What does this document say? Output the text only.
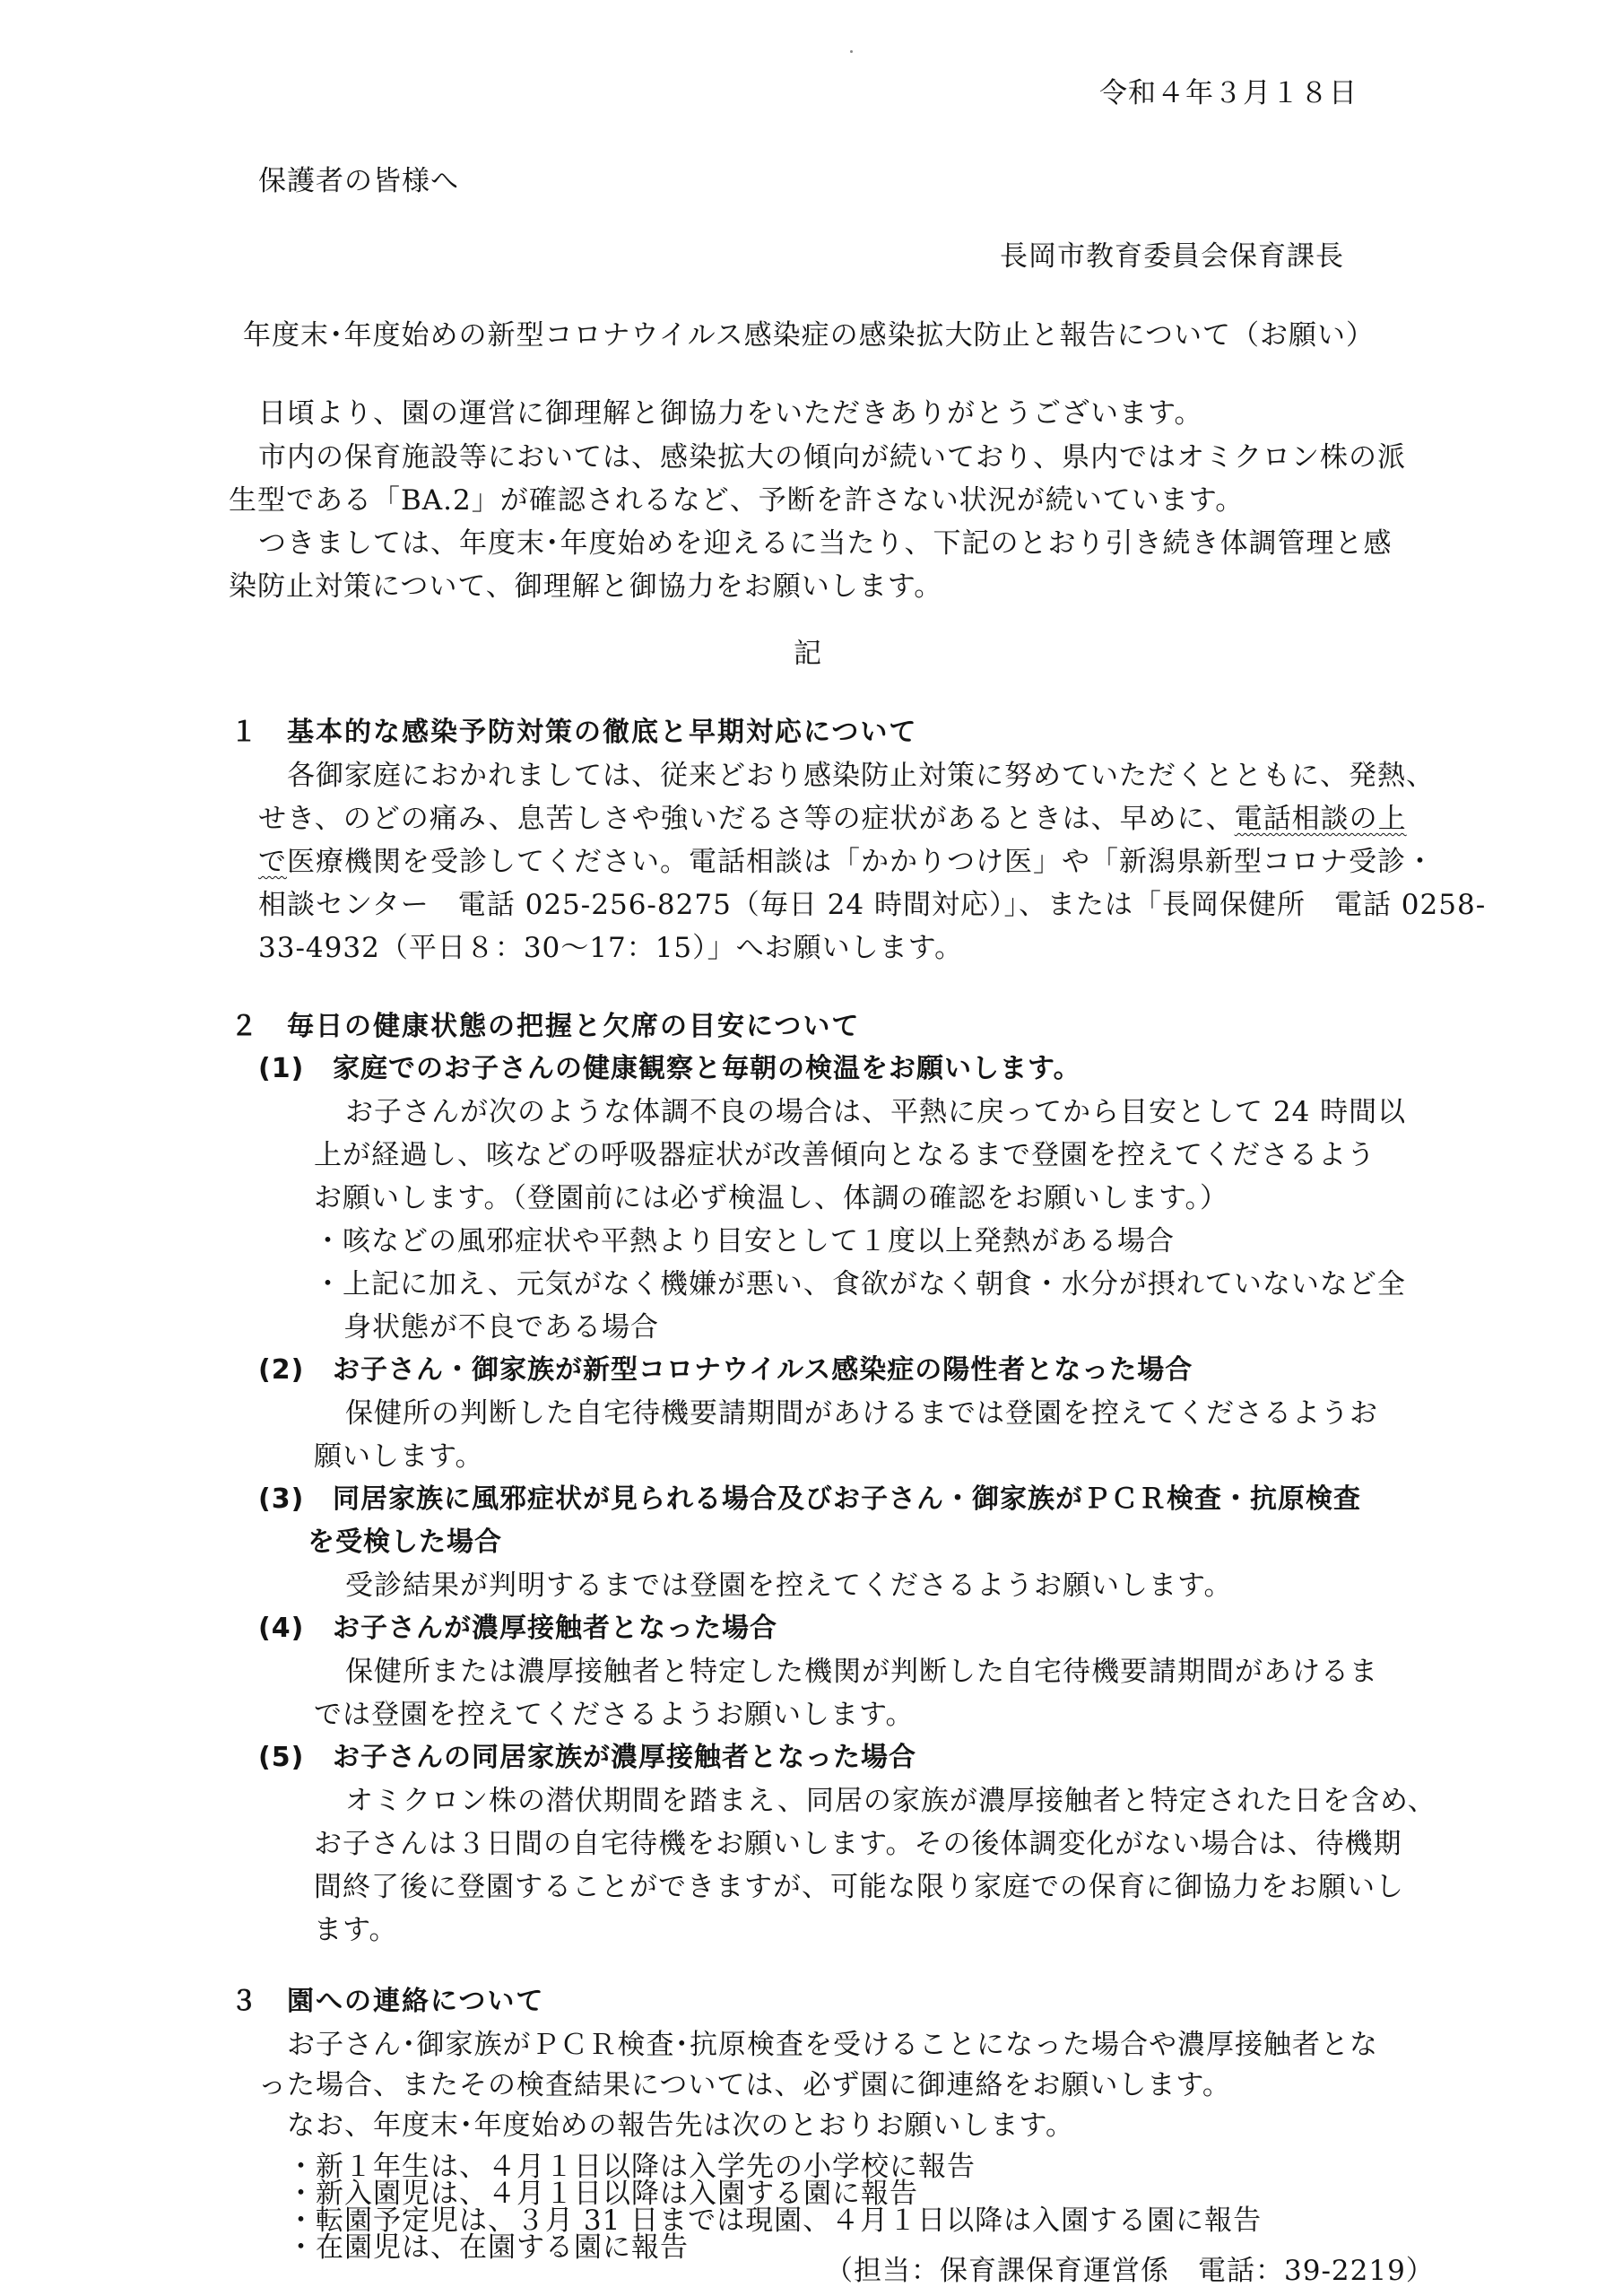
令和４年３月１８日
保護者の皆様へ
長岡市教育委員会保育課長
年度末･年度始めの新型コロナウイルス感染症の感染拡大防止と報告について（お願い）
日頃より、園の運営に御理解と御協力をいただきありがとうございます。
市内の保育施設等においては、感染拡大の傾向が続いており、県内ではオミクロン株の派
生型である「BA.2」が確認されるなど、予断を許さない状況が続いています。
つきましては、年度末･年度始めを迎えるに当たり、下記のとおり引き続き体調管理と感
染防止対策について、御理解と御協力をお願いします。
記
１ 基本的な感染予防対策の徹底と早期対応について
各御家庭におかれましては、従来どおり感染防止対策に努めていただくとともに、発熱、
せき、のどの痛み、息苦しさや強いだるさ等の症状があるときは、早めに、電話相談の上
で医療機関を受診してください。電話相談は「かかりつけ医」や「新潟県新型コロナ受診・
相談センター　電話 025-256-8275（毎日 24 時間対応）」、または「長岡保健所　電話 0258-
33-4932（平日８：30～17：15）」へお願いします。
２ 毎日の健康状態の把握と欠席の目安について
(1) 家庭でのお子さんの健康観察と毎朝の検温をお願いします。
お子さんが次のような体調不良の場合は、平熱に戻ってから目安として 24 時間以
上が経過し、咳などの呼吸器症状が改善傾向となるまで登園を控えてくださるよう
お願いします。（登園前には必ず検温し、体調の確認をお願いします。）
・咳などの風邪症状や平熱より目安として１度以上発熱がある場合
・上記に加え、元気がなく機嫌が悪い、食欲がなく朝食・水分が摂れていないなど全
身状態が不良である場合
(2) お子さん・御家族が新型コロナウイルス感染症の陽性者となった場合
保健所の判断した自宅待機要請期間があけるまでは登園を控えてくださるようお
願いします。
(3) 同居家族に風邪症状が見られる場合及びお子さん・御家族がＰＣＲ検査・抗原検査
を受検した場合
受診結果が判明するまでは登園を控えてくださるようお願いします。
(4) お子さんが濃厚接触者となった場合
保健所または濃厚接触者と特定した機関が判断した自宅待機要請期間があけるま
では登園を控えてくださるようお願いします。
(5) お子さんの同居家族が濃厚接触者となった場合
オミクロン株の潜伏期間を踏まえ、同居の家族が濃厚接触者と特定された日を含め、
お子さんは３日間の自宅待機をお願いします。その後体調変化がない場合は、待機期
間終了後に登園することができますが、可能な限り家庭での保育に御協力をお願いし
ます。
３ 園への連絡について
お子さん･御家族がＰＣＲ検査･抗原検査を受けることになった場合や濃厚接触者とな
った場合、またその検査結果については、必ず園に御連絡をお願いします。
なお、年度末･年度始めの報告先は次のとおりお願いします。
・新１年生は、４月１日以降は入学先の小学校に報告
・新入園児は、４月１日以降は入園する園に報告
・転園予定児は、３月 31 日までは現園、４月１日以降は入園する園に報告
・在園児は、在園する園に報告
（担当：保育課保育運営係　電話：39-2219）
